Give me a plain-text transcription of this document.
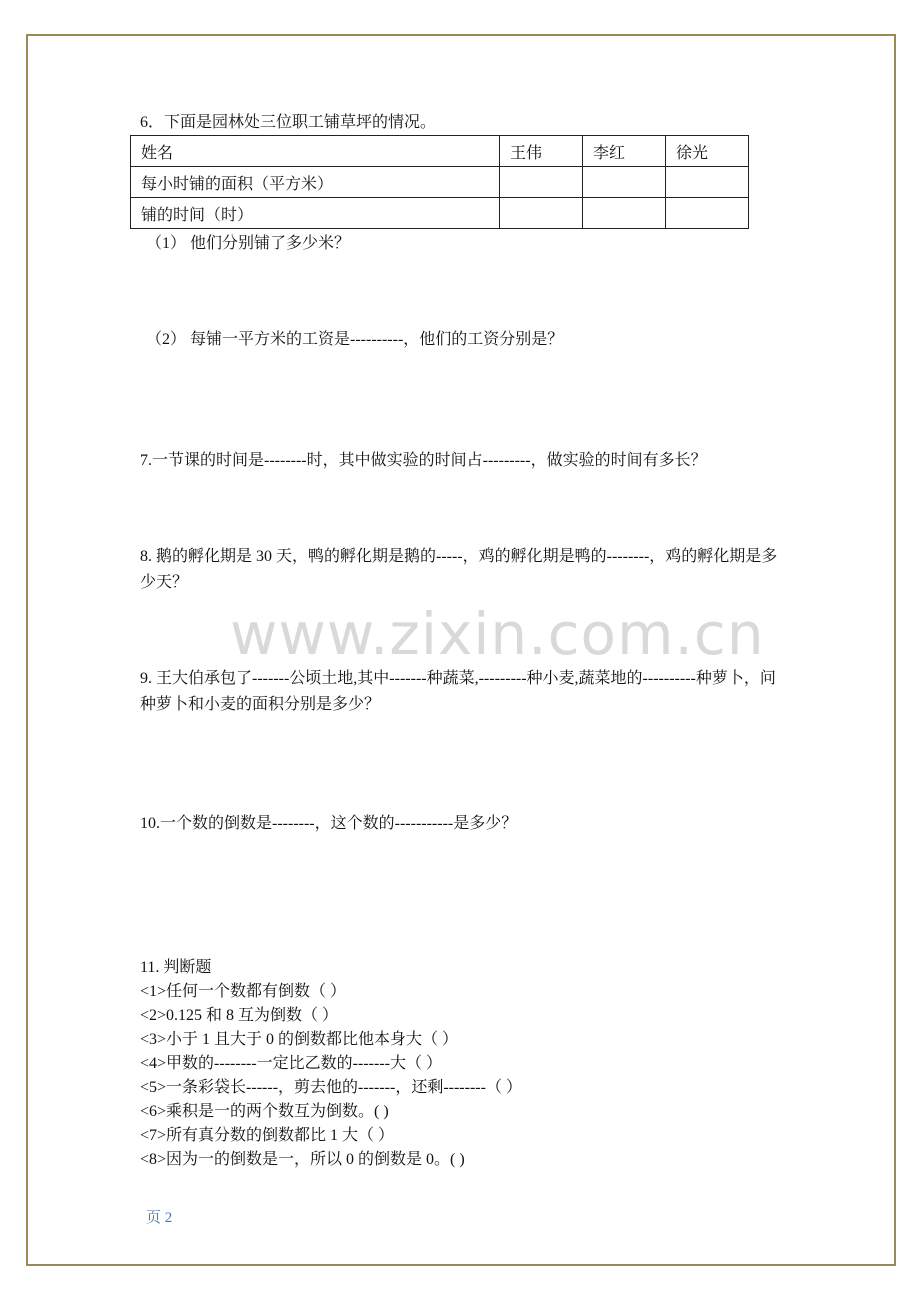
www.zixin.com.cn
6．下面是园林处三位职工铺草坪的情况。
姓名	王伟	李红	徐光
每小时铺的面积（平方米）			
铺的时间（时）			
（1） 他们分别铺了多少米？
（2） 每铺一平方米的工资是----------，他们的工资分别是？
7.一节课的时间是--------时，其中做实验的时间占---------，做实验的时间有多长？
8. 鹅的孵化期是 30 天，鸭的孵化期是鹅的-----，鸡的孵化期是鸭的--------，鸡的孵化期是多少天？
9. 王大伯承包了-------公顷土地,其中-------种蔬菜,---------种小麦,蔬菜地的----------种萝卜，问种萝卜和小麦的面积分别是多少？
10.一个数的倒数是--------，这个数的-----------是多少？
11. 判断题
<1>任何一个数都有倒数（ ）
<2>0.125 和 8 互为倒数（ ）
<3>小于 1 且大于 0 的倒数都比他本身大（ ）
<4>甲数的--------一定比乙数的-------大（ ）
<5>一条彩袋长------，剪去他的-------，还剩--------（ ）
<6>乘积是一的两个数互为倒数。( )
<7>所有真分数的倒数都比 1 大（ ）
<8>因为一的倒数是一，所以 0 的倒数是 0。( )
页 2
